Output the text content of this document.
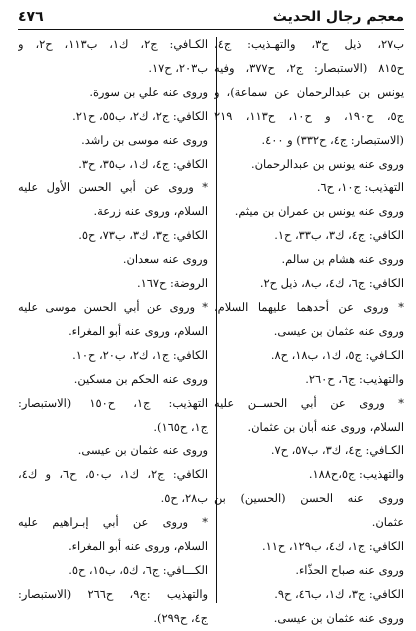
معجم رجال الحديث
٤٧٦
ب٢٧، ذيل ح٣، والتهـذيب: ج٤،
ح٨١٥ (الاستبصار: ج٢، ح٣٧٧، وفيه
يونس بن عبدالرحمان عن سماعة)، و
ج٥، ح١٩٠، و ح١٠، ح١١٣، ٢١٩
(الاستبصار: ج٤، ح٣٣٢) و ٤٠٠.
وروى عنه يونس بن عبدالرحمان.
التهذيب: ج١٠، ح٦.
وروى عنه يونس بن عمران بن ميثم.
الكافي: ج٤، ك٣، ب٣٣، ح١.
وروى عنه هشام بن سالم.
الكافي: ج٦، ك٤، ب٨، ذيل ح٢.
* وروى عن أحدهما عليهما السلام،
وروى عنه عثمان بن عيسى.
الكـافي: ج٥، ك١، ب١٨، ح٨.
والتهذيب: ج٦، ح٢٦٠.
* وروى عن أبي الحســن عليه
السلام، وروى عنه أبان بن عثمان.
الكـافي: ج٤، ك٣، ب٥٧، ح٧.
والتهذيب: ج٥،ح١٨٨.
وروى عنه الحسن (الحسين) بن
عثمان.
الكافي: ج١، ك٤، ب١٢٩، ح١١.
وروى عنه صباح الحذّاء.
الكافي: ج٣، ك١، ب٤٦، ح٩.
وروى عنه عثمان بن عيسى.
الكـافي: ج٢، ك١، ب١١٣، ح٢، و
ب٢٠٣، ح١٧.
وروى عنه علي بن سورة.
الكافي: ج٢، ك٢، ب٥٥، ح٢١.
وروى عنه موسى بن راشد.
الكافي: ج٤، ك١، ب٣٥، ح٣.
* وروى عن أبي الحسن الأول عليه
السلام، وروى عنه زرعة.
الكافي: ج٣، ك٣، ب٧٣، ح٥.
وروى عنه سعدان.
الروضة: ح١٦٧.
* وروى عن أبي الحسن موسى عليه
السلام، وروى عنه أبو المغراء.
الكافي: ج١، ك٢، ب٢٠، ح١٠.
وروى عنه الحكم بن مسكين.
التهذيب: ج١، ح١٥٠ (الاستبصار:
ج١، ح١٦٥).
وروى عنه عثمان بن عيسى.
الكافي: ج٢، ك١، ب٥٠، ح٦، و ك٤،
ب٢٨، ح٥.
* وروى عن أبي إبـراهيم عليه
السلام، وروى عنه أبو المغراء.
الكـــافي: ج٦، ك٥، ب١٥، ح٥.
والتهذيب :ج٩، ح٢٦٦ (الاستبصار:
ج٤، ح٢٩٩).
